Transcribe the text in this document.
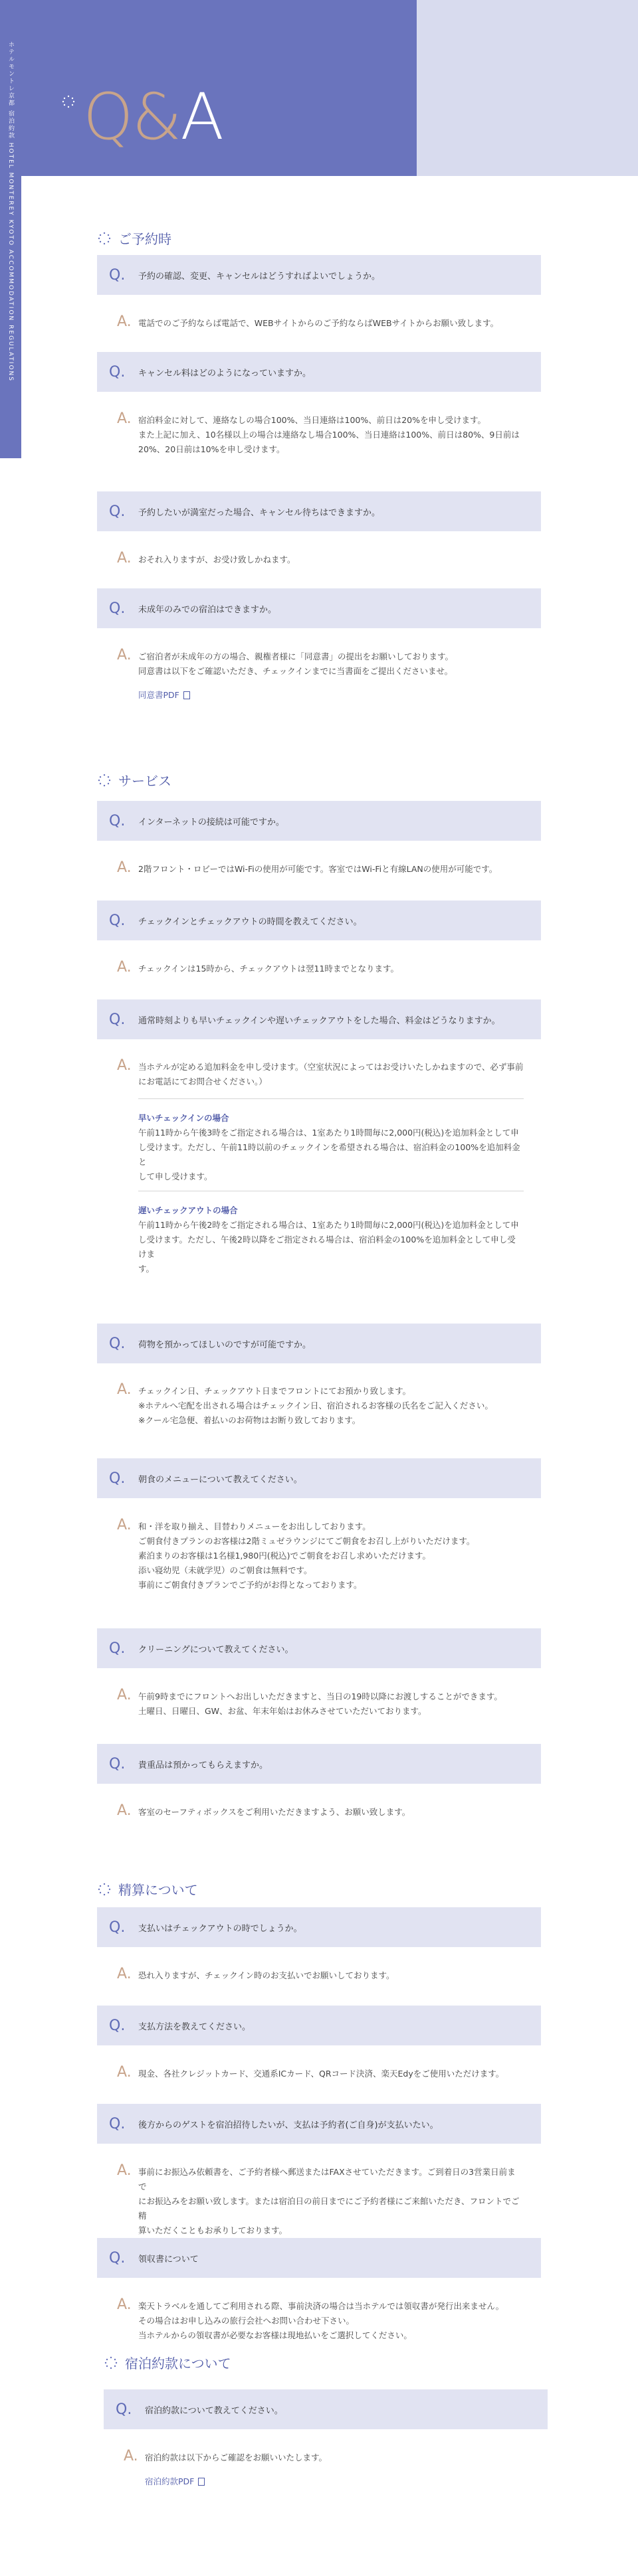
Q&A
ホテルモントレ京都 宿泊約款 HOTEL MONTEREY KYOTO ACCOMMODATION REGULATIONS	ご予約時
Q. 予約の確認、変更、キャンセルはどうすればよいでしょうか。
A. 電話でのご予約ならば電話で、WEBサイトからのご予約ならばWEBサイトからお願い致します。

Q. キャンセル料はどのようになっていますか。
A. 宿泊料金に対して、連絡なしの場合100%、当日連絡は100%、前日は20%を申し受けます。

また上記に加え、10名様以上の場合は連絡なし場合100%、当日連絡は100%、前日は80%、9日前は

20%、20日前は10%を申し受けます。

Q. 予約したいが満室だった場合、キャンセル待ちはできますか。
A. おそれ入りますが、お受け致しかねます。

Q. 未成年のみでの宿泊はできますか。
A. ご宿泊者が未成年の方の場合、親権者様に「同意書」の提出をお願いしております。

同意書は以下をご確認いただき、チェックインまでに当書面をご提出くださいませ。

同意書PDF

サービス
Q. インターネットの接続は可能ですか。
A. 2階フロント・ロビーではWi-Fiの使用が可能です。客室ではWi-Fiと有線LANの使用が可能です。

Q. チェックインとチェックアウトの時間を教えてください。
A. チェックインは15時から、チェックアウトは翌11時までとなります。

Q. 通常時刻よりも早いチェックインや遅いチェックアウトをした場合、料金はどうなりますか。
A. 当ホテルが定める追加料金を申し受けます。（空室状況によってはお受けいたしかねますので、必ず事前

にお電話にてお問合せください。）

早いチェックインの場合

午前11時から午後3時をご指定される場合は、1室あたり1時間毎に2,000円(税込)を追加料金として申

し受けます。ただし、午前11時以前のチェックインを希望される場合は、宿泊料金の100%を追加料金と

して申し受けます。

遅いチェックアウトの場合

午前11時から午後2時をご指定される場合は、1室あたり1時間毎に2,000円(税込)を追加料金として申

し受けます。ただし、午後2時以降をご指定される場合は、宿泊料金の100%を追加料金として申し受けま

す。

Q. 荷物を預かってほしいのですが可能ですか。
A. チェックイン日、チェックアウト日までフロントにてお預かり致します。

※ホテルへ宅配を出される場合はチェックイン日、宿泊されるお客様の氏名をご記入ください。

※クール宅急便、着払いのお荷物はお断り致しております。

Q. 朝食のメニューについて教えてください。
A. 和・洋を取り揃え、目替わりメニューをお出ししております。

ご朝食付きプランのお客様は2階ミュゼラウンジにてご朝食をお召し上がりいただけます。

素泊まりのお客様は1名様1,980円(税込)でご朝食をお召し求めいただけます。

添い寝幼児（未就学児）のご朝食は無料です。

事前にご朝食付きプランでご予約がお得となっております。

Q. クリーニングについて教えてください。
A. 午前9時までにフロントへお出しいただきますと、当日の19時以降にお渡しすることができます。

土曜日、日曜日、GW、お盆、年末年始はお休みさせていただいております。

Q. 貴重品は預かってもらえますか。
A. 客室のセーフティボックスをご利用いただきますよう、お願い致します。

精算について
Q. 支払いはチェックアウトの時でしょうか。
A. 恐れ入りますが、チェックイン時のお支払いでお願いしております。

Q. 支払方法を教えてください。
A. 現金、各社クレジットカード、交通系ICカード、QRコード決済、楽天Edyをご使用いただけます。

Q. 後方からのゲストを宿泊招待したいが、支払は予約者(ご自身)が支払いたい。
A. 事前にお振込み依頼書を、ご予約者様へ郵送またはFAXさせていただきます。ご到着日の3営業日前まで

にお振込みをお願い致します。または宿泊日の前日までにご予約者様にご来館いただき、フロントでご精

算いただくこともお承りしております。

Q. 領収書について
A. 楽天トラベルを通してご利用される際、事前決済の場合は当ホテルでは領収書が発行出来ません。

その場合はお申し込みの旅行会社へお問い合わせ下さい。

当ホテルからの領収書が必要なお客様は現地払いをご選択してください。

宿泊約款について
Q. 宿泊約款について教えてください。
A. 宿泊約款は以下からご確認をお願いいたします。

宿泊約款PDF
